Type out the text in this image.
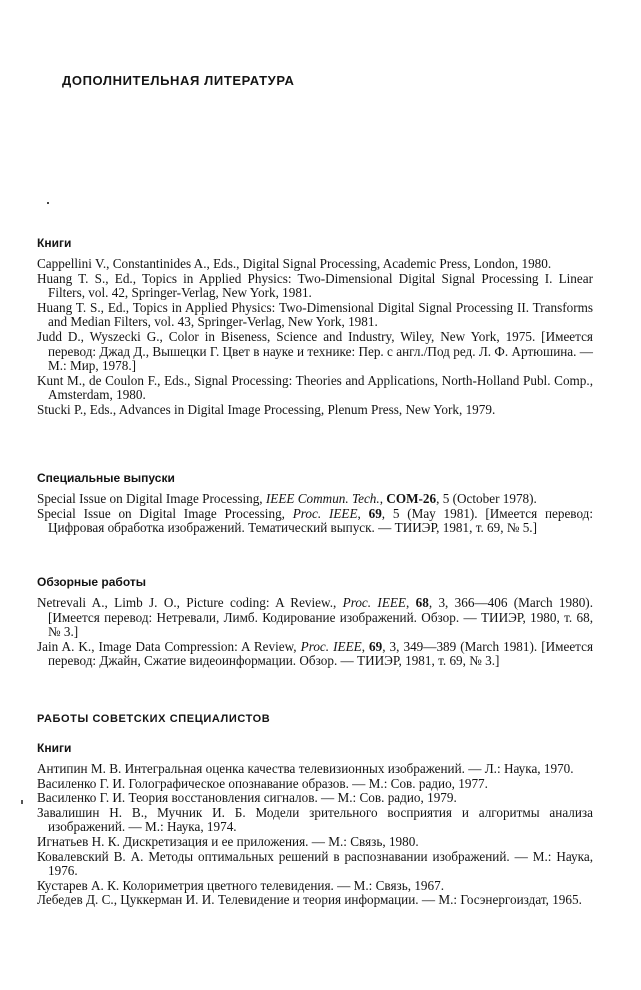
ДОПОЛНИТЕЛЬНАЯ ЛИТЕРАТУРА
Книги

Cappellini V., Constantinides A., Eds., Digital Signal Processing, Academic Press, London, 1980.

Huang T. S., Ed., Topics in Applied Physics: Two-Dimensional Digital Signal Processing I. Linear Filters, vol. 42, Springer-Verlag, New York, 1981.

Huang T. S., Ed., Topics in Applied Physics: Two-Dimensional Digital Signal Processing II. Transforms and Median Filters, vol. 43, Springer-Verlag, New York, 1981.

Judd D., Wyszecki G., Color in Biseness, Science and Industry, Wiley, New York, 1975. [Имеется перевод: Джад Д., Вышецки Г. Цвет в науке и технике: Пер. с англ./Под ред. Л. Ф. Артюшина. — М.: Мир, 1978.]

Kunt M., de Coulon F., Eds., Signal Processing: Theories and Applications, North-Holland Publ. Comp., Amsterdam, 1980.

Stucki P., Eds., Advances in Digital Image Processing, Plenum Press, New York, 1979.

Специальные выпуски

Special Issue on Digital Image Processing, IEEE Commun. Tech., COM-26, 5 (October 1978).

Special Issue on Digital Image Processing, Proc. IEEE, 69, 5 (May 1981). [Имеется перевод: Цифровая обработка изображений. Тематический выпуск. — ТИИЭР, 1981, т. 69, № 5.]

Обзорные работы

Netrevali A., Limb J. O., Picture coding: A Review., Proc. IEEE, 68, 3, 366—406 (March 1980). [Имеется перевод: Нетревали, Лимб. Кодирование изображений. Обзор. — ТИИЭР, 1980, т. 68, № 3.]

Jain A. K., Image Data Compression: A Review, Proc. IEEE, 69, 3, 349—389 (March 1981). [Имеется перевод: Джайн, Сжатие видеоинформации. Обзор. — ТИИЭР, 1981, т. 69, № 3.]

РАБОТЫ СОВЕТСКИХ СПЕЦИАЛИСТОВ
Книги

Антипин М. В. Интегральная оценка качества телевизионных изображений. — Л.: Наука, 1970.

Василенко Г. И. Голографическое опознавание образов. — М.: Сов. радио, 1977.

Василенко Г. И. Теория восстановления сигналов. — М.: Сов. радио, 1979.

Завалишин Н. В., Мучник И. Б. Модели зрительного восприятия и алгоритмы анализа изображений. — М.: Наука, 1974.

Игнатьев Н. К. Дискретизация и ее приложения. — М.: Связь, 1980.

Ковалевский В. А. Методы оптимальных решений в распознавании изображений. — М.: Наука, 1976.

Кустарев А. К. Колориметрия цветного телевидения. — М.: Связь, 1967.

Лебедев Д. С., Цуккерман И. И. Телевидение и теория информации. — М.: Госэнергоиздат, 1965.
